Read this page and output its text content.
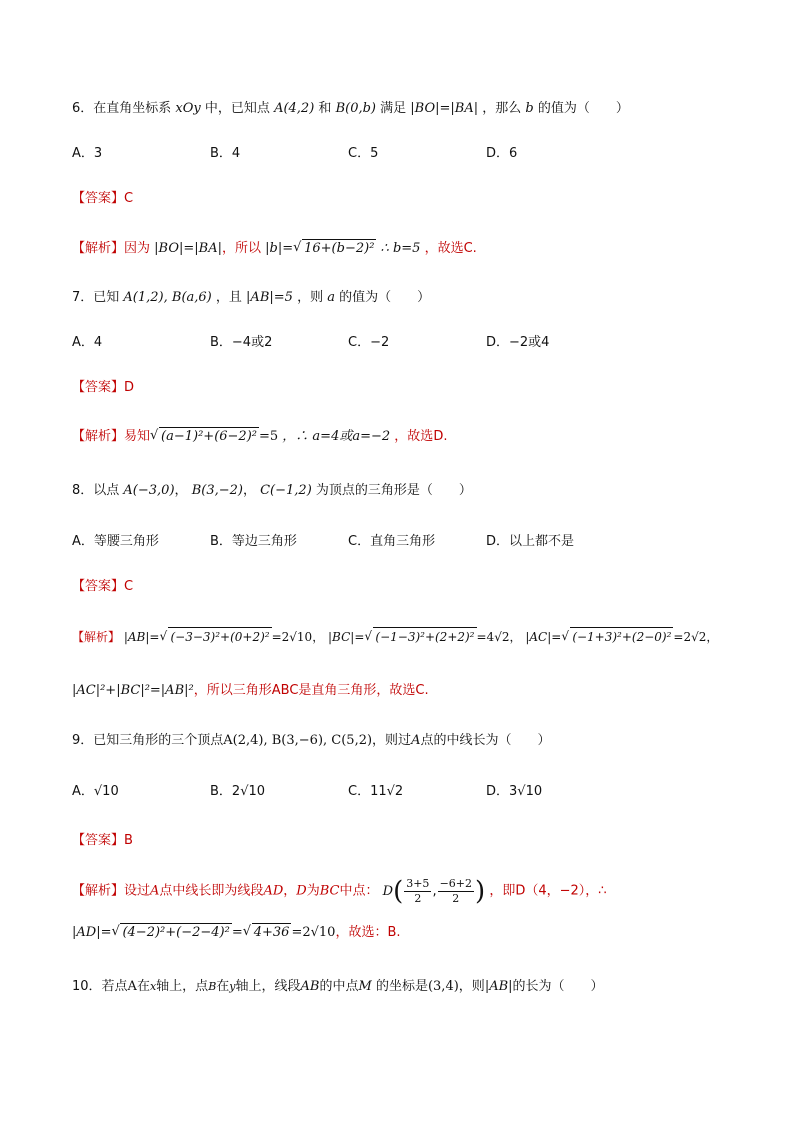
6．在直角坐标系 xOy 中，已知点 A(4,2) 和 B(0,b) 满足 |BO|=|BA| ，那么 b 的值为（　　）
A．3	B．4	C．5	D．6
【答案】C
【解析】因为 |BO|=|BA|，所以 |b|= √ 16+(b−2)² ∴ b=5 ，故选C.
7．已知 A(1,2), B(a,6) ，且 |AB|=5 ，则 a 的值为（　　）
A．4	B．−4或2	C．−2	D．−2或4
【答案】D
【解析】易知 √ (a−1)²+(6−2)² =5 ，∴ a=4或a=−2 ，故选D.
8．以点 A(−3,0)， B(3,−2)， C(−1,2) 为顶点的三角形是（　　）
A．等腰三角形	B．等边三角形	C．直角三角形	D．以上都不是
【答案】C
【解析】 |AB|= √ (−3−3)²+(0+2)² =2√10， |BC|= √ (−1−3)²+(2+2)² =4√2， |AC|= √ (−1+3)²+(2−0)² =2√2，
|AC|²+|BC|²=|AB|²，所以三角形ABC是直角三角形，故选C.
9．已知三角形的三个顶点A(2,4), B(3,−6), C(5,2)，则过A点的中线长为（　　）
A．√10	B．2√10	C．11√2	D．3√10
【答案】B
【解析】设过A点中线长即为线段AD，D为BC中点： $D( \frac{3+5}{2}$ , $\frac{-6+2}{2}$ ) ，即D（4，−2），∴
|AD|= √ (4−2)²+(−2−4)² = √ 4+36 =2√10，故选：B.
10．若点A在x轴上，点B在y轴上，线段AB的中点M 的坐标是(3,4)，则|AB|的长为（　　）
